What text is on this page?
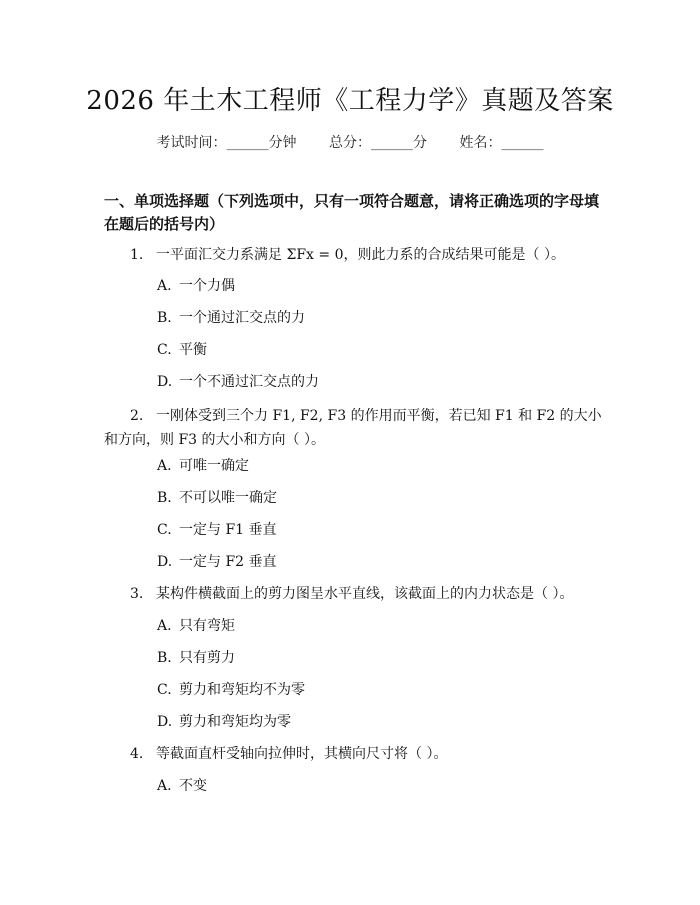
2026 年土木工程师《工程力学》真题及答案
考试时间：______分钟 总分：______分 姓名：______
一、单项选择题（下列选项中，只有一项符合题意，请将正确选项的字母填在题后的括号内）
1. 一平面汇交力系满足 ΣFx = 0，则此力系的合成结果可能是（ ）。
A. 一个力偶
B. 一个通过汇交点的力
C. 平衡
D. 一个不通过汇交点的力
2. 一刚体受到三个力 F1, F2, F3 的作用而平衡，若已知 F1 和 F2 的大小和方向，则 F3 的大小和方向（ ）。
A. 可唯一确定
B. 不可以唯一确定
C. 一定与 F1 垂直
D. 一定与 F2 垂直
3. 某构件横截面上的剪力图呈水平直线，该截面上的内力状态是（ ）。
A. 只有弯矩
B. 只有剪力
C. 剪力和弯矩均不为零
D. 剪力和弯矩均为零
4. 等截面直杆受轴向拉伸时，其横向尺寸将（ ）。
A. 不变
